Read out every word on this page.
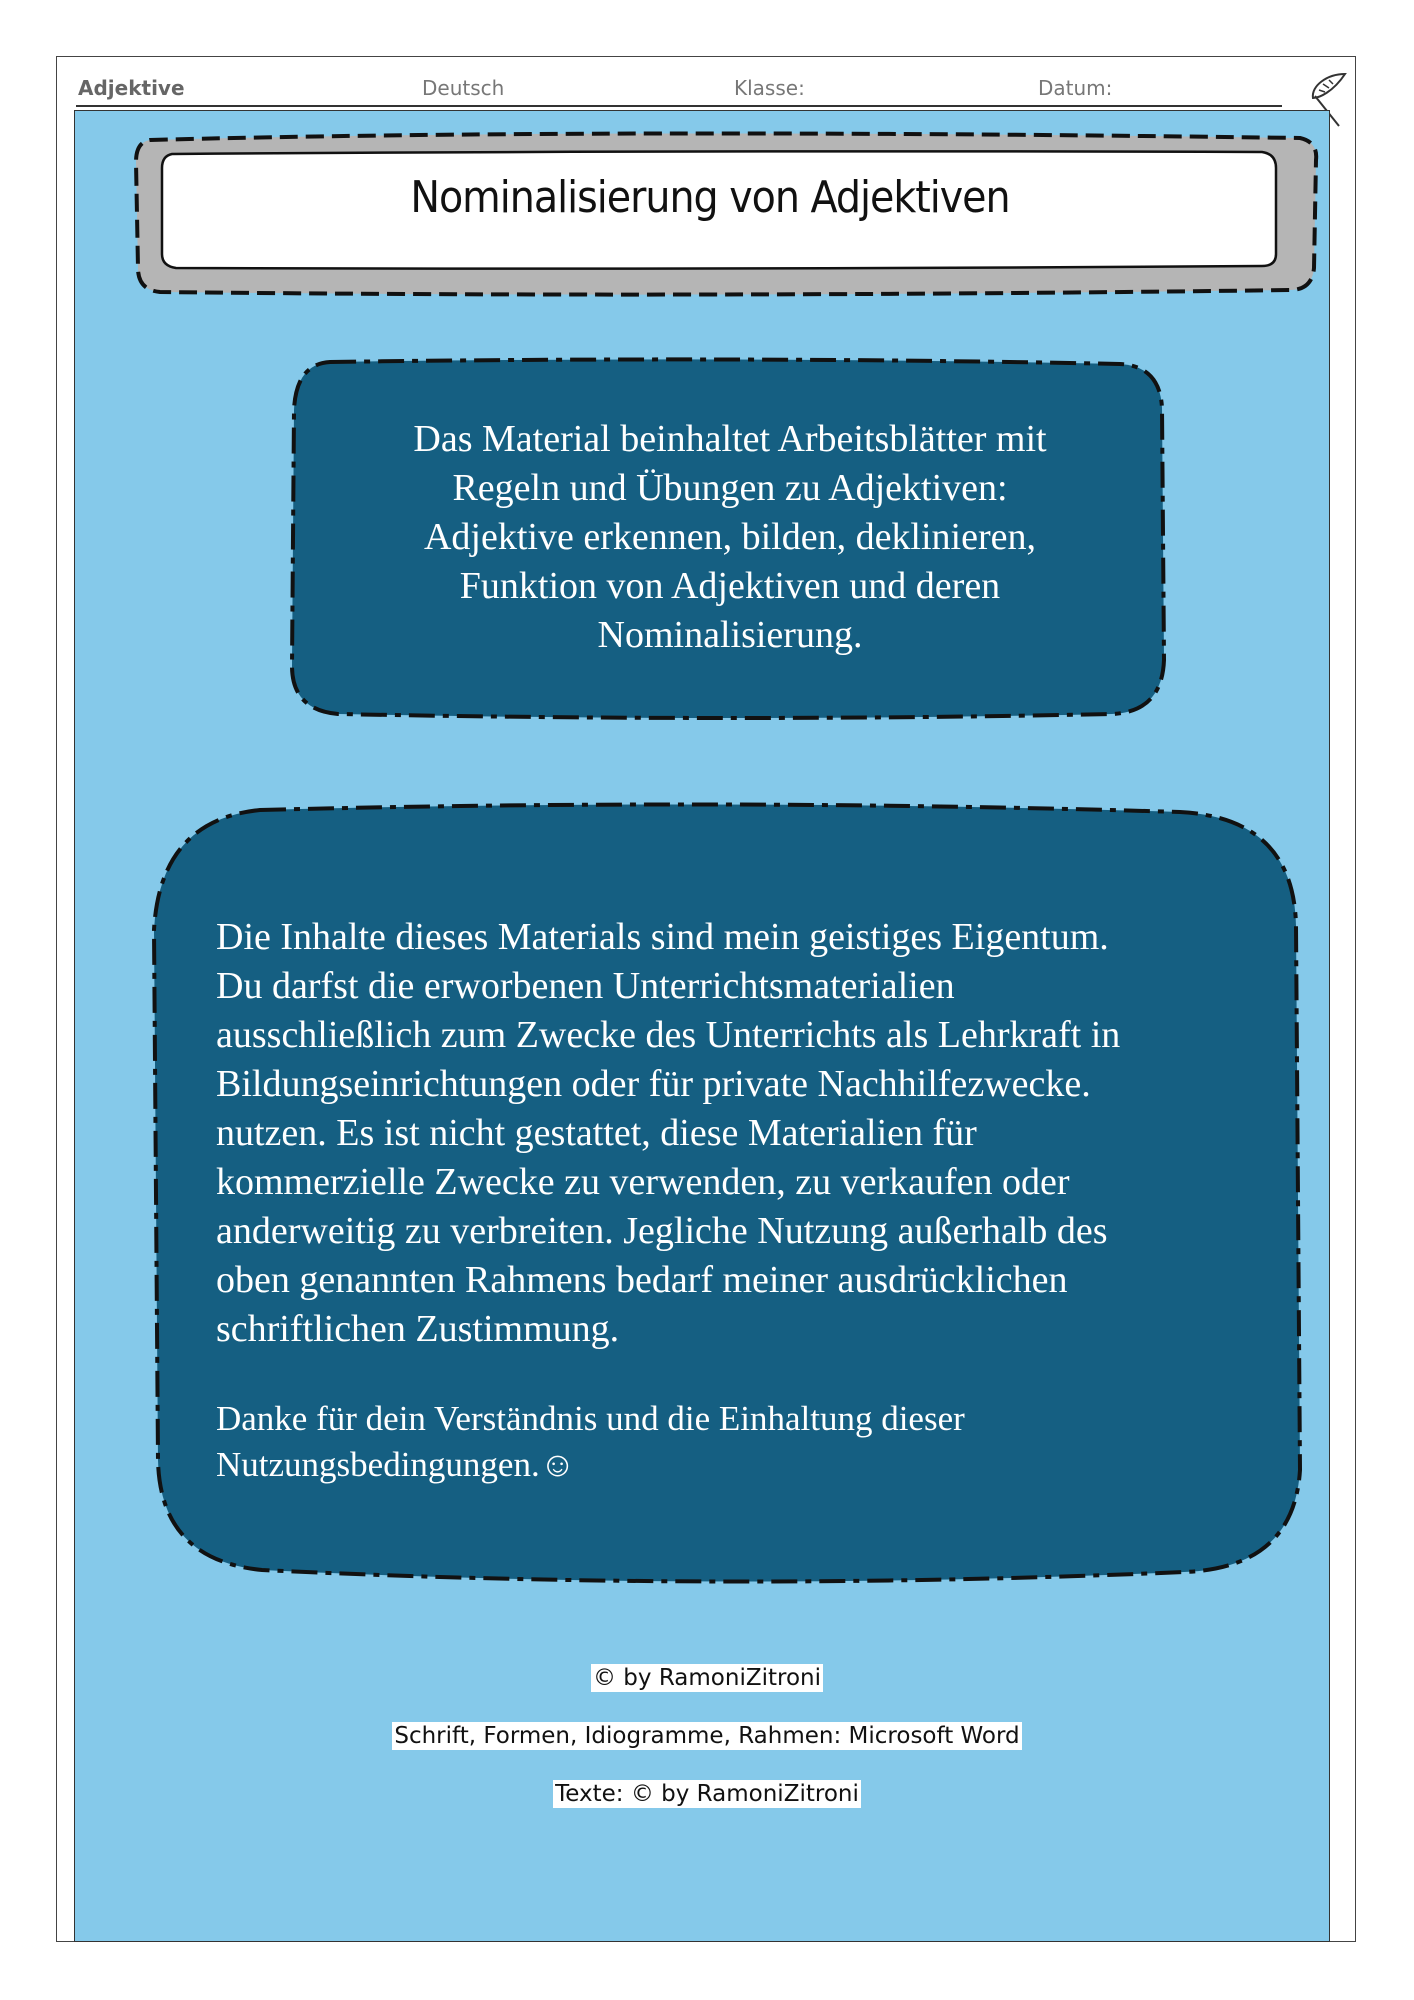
Adjektive	Deutsch	Klasse:	Datum:
Nominalisierung von Adjektiven
Das Material beinhaltet Arbeitsblätter mit
Regeln und Übungen zu Adjektiven:
Adjektive erkennen, bilden, deklinieren,
Funktion von Adjektiven und deren
Nominalisierung.

Die Inhalte dieses Materials sind mein geistiges Eigentum.

Du darfst die erworbenen Unterrichtsmaterialien

ausschließlich zum Zwecke des Unterrichts als Lehrkraft in

Bildungseinrichtungen oder für private Nachhilfezwecke.

nutzen. Es ist nicht gestattet, diese Materialien für

kommerzielle Zwecke zu verwenden, zu verkaufen oder

anderweitig zu verbreiten. Jegliche Nutzung außerhalb des

oben genannten Rahmens bedarf meiner ausdrücklichen

schriftlichen Zustimmung.

Danke für dein Verständnis und die Einhaltung dieser
Nutzungsbedingungen.☺
© by RamoniZitroni
Schrift, Formen, Idiogramme, Rahmen: Microsoft Word
Texte: © by RamoniZitroni
